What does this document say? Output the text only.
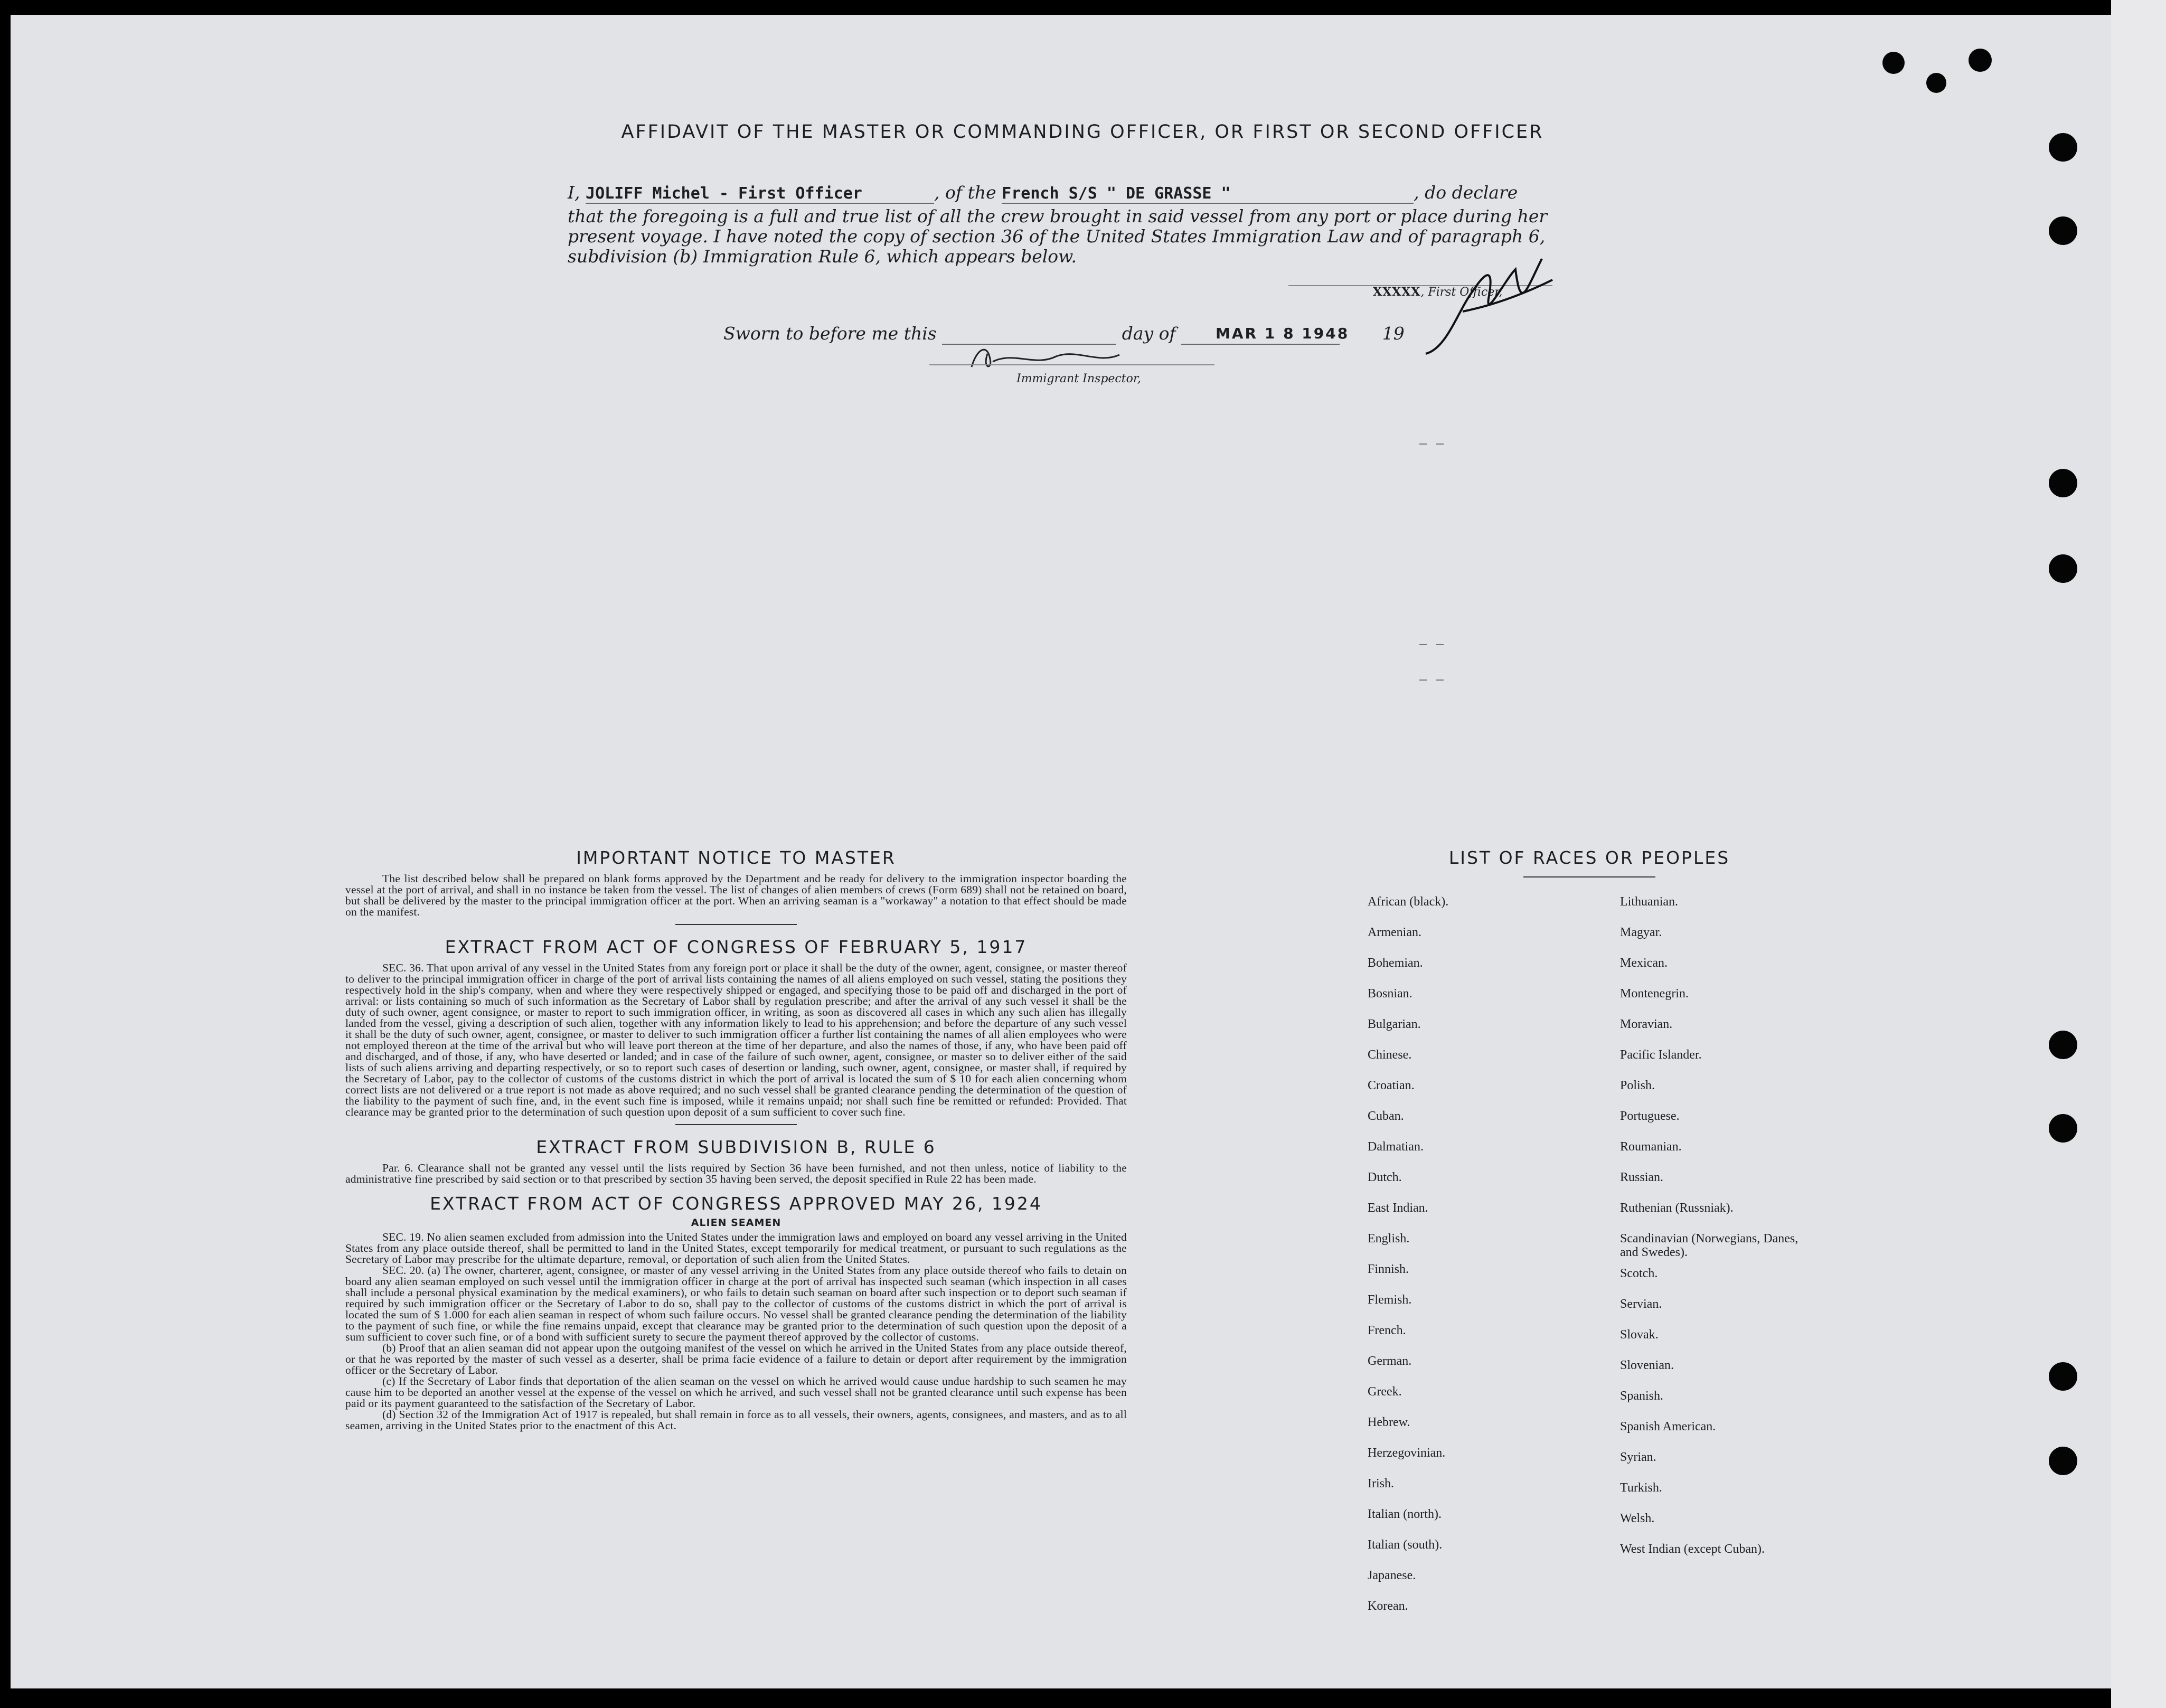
AFFIDAVIT OF THE MASTER OR COMMANDING OFFICER, OR FIRST OR SECOND OFFICER
I, JOLIFF Michel - First Officer	, of the French S/S " DE GRASSE "	, do declare
that the foregoing is a full and true list of all the crew brought in said vessel from any port or place during her
present voyage. I have noted the copy of section 36 of the United States Immigration Law and of paragraph 6,
subdivision (b) Immigration Rule 6, which appears below.
XXXXX, First Officer,
Sworn to before me this	day of	19
MAR 1 8 1948
Immigrant Inspector,
IMPORTANT NOTICE TO MASTER

The list described below shall be prepared on blank forms approved by the Department and be ready for delivery to the immigration inspector boarding the vessel at the port of arrival, and shall in no instance be taken from the vessel. The list of changes of alien members of crews (Form 689) shall not be retained on board, but shall be delivered by the master to the principal immigration officer at the port. When an arriving seaman is a "workaway" a notation to that effect should be made on the manifest.

EXTRACT FROM ACT OF CONGRESS OF FEBRUARY 5, 1917

SEC. 36. That upon arrival of any vessel in the United States from any foreign port or place it shall be the duty of the owner, agent, consignee, or master thereof to deliver to the principal immigration officer in charge of the port of arrival lists containing the names of all aliens employed on such vessel, stating the positions they respectively hold in the ship's company, when and where they were respectively shipped or engaged, and specifying those to be paid off and discharged in the port of arrival: or lists containing so much of such information as the Secretary of Labor shall by regulation prescribe; and after the arrival of any such vessel it shall be the duty of such owner, agent consignee, or master to report to such immigration officer, in writing, as soon as discovered all cases in which any such alien has illegally landed from the vessel, giving a description of such alien, together with any information likely to lead to his apprehension; and before the departure of any such vessel it shall be the duty of such owner, agent, consignee, or master to deliver to such immigration officer a further list containing the names of all alien employees who were not employed thereon at the time of the arrival but who will leave port thereon at the time of her departure, and also the names of those, if any, who have been paid off and discharged, and of those, if any, who have deserted or landed; and in case of the failure of such owner, agent, consignee, or master so to deliver either of the said lists of such aliens arriving and departing respectively, or so to report such cases of desertion or landing, such owner, agent, consignee, or master shall, if required by the Secretary of Labor, pay to the collector of customs of the customs district in which the port of arrival is located the sum of $ 10 for each alien concerning whom correct lists are not delivered or a true report is not made as above required; and no such vessel shall be granted clearance pending the determination of the question of the liability to the payment of such fine, and, in the event such fine is imposed, while it remains unpaid; nor shall such fine be remitted or refunded: Provided. That clearance may be granted prior to the determination of such question upon deposit of a sum sufficient to cover such fine.

EXTRACT FROM SUBDIVISION B, RULE 6

Par. 6. Clearance shall not be granted any vessel until the lists required by Section 36 have been furnished, and not then unless, notice of liability to the administrative fine prescribed by said section or to that prescribed by section 35 having been served, the deposit specified in Rule 22 has been made.

EXTRACT FROM ACT OF CONGRESS APPROVED MAY 26, 1924
ALIEN SEAMEN

SEC. 19. No alien seamen excluded from admission into the United States under the immigration laws and employed on board any vessel arriving in the United States from any place outside thereof, shall be permitted to land in the United States, except temporarily for medical treatment, or pursuant to such regulations as the Secretary of Labor may prescribe for the ultimate departure, removal, or deportation of such alien from the United States.

SEC. 20. (a) The owner, charterer, agent, consignee, or master of any vessel arriving in the United States from any place outside thereof who fails to detain on board any alien seaman employed on such vessel until the immigration officer in charge at the port of arrival has inspected such seaman (which inspection in all cases shall include a personal physical examination by the medical examiners), or who fails to detain such seaman on board after such inspection or to deport such seaman if required by such immigration officer or the Secretary of Labor to do so, shall pay to the collector of customs of the customs district in which the port of arrival is located the sum of $ 1.000 for each alien seaman in respect of whom such failure occurs. No vessel shall be granted clearance pending the determination of the liability to the payment of such fine, or while the fine remains unpaid, except that clearance may be granted prior to the determination of such question upon the deposit of a sum sufficient to cover such fine, or of a bond with sufficient surety to secure the payment thereof approved by the collector of customs.

(b) Proof that an alien seaman did not appear upon the outgoing manifest of the vessel on which he arrived in the United States from any place outside thereof, or that he was reported by the master of such vessel as a deserter, shall be prima facie evidence of a failure to detain or deport after requirement by the immigration officer or the Secretary of Labor.

(c) If the Secretary of Labor finds that deportation of the alien seaman on the vessel on which he arrived would cause undue hardship to such seamen he may cause him to be deported an another vessel at the expense of the vessel on which he arrived, and such vessel shall not be granted clearance until such expense has been paid or its payment guaranteed to the satisfaction of the Secretary of Labor.

(d) Section 32 of the Immigration Act of 1917 is repealed, but shall remain in force as to all vessels, their owners, agents, consignees, and masters, and as to all seamen, arriving in the United States prior to the enactment of this Act.

LIST OF RACES OR PEOPLES
African (black).
Armenian.
Bohemian.
Bosnian.
Bulgarian.
Chinese.
Croatian.
Cuban.
Dalmatian.
Dutch.
East Indian.
English.
Finnish.
Flemish.
French.
German.
Greek.
Hebrew.
Herzegovinian.
Irish.
Italian (north).
Italian (south).
Japanese.
Korean.
Lithuanian.
Magyar.
Mexican.
Montenegrin.
Moravian.
Pacific Islander.
Polish.
Portuguese.
Roumanian.
Russian.
Ruthenian (Russniak).
Scandinavian (Norwegians, Danes, and Swedes).
Scotch.
Servian.
Slovak.
Slovenian.
Spanish.
Spanish American.
Syrian.
Turkish.
Welsh.
West Indian (except Cuban).
